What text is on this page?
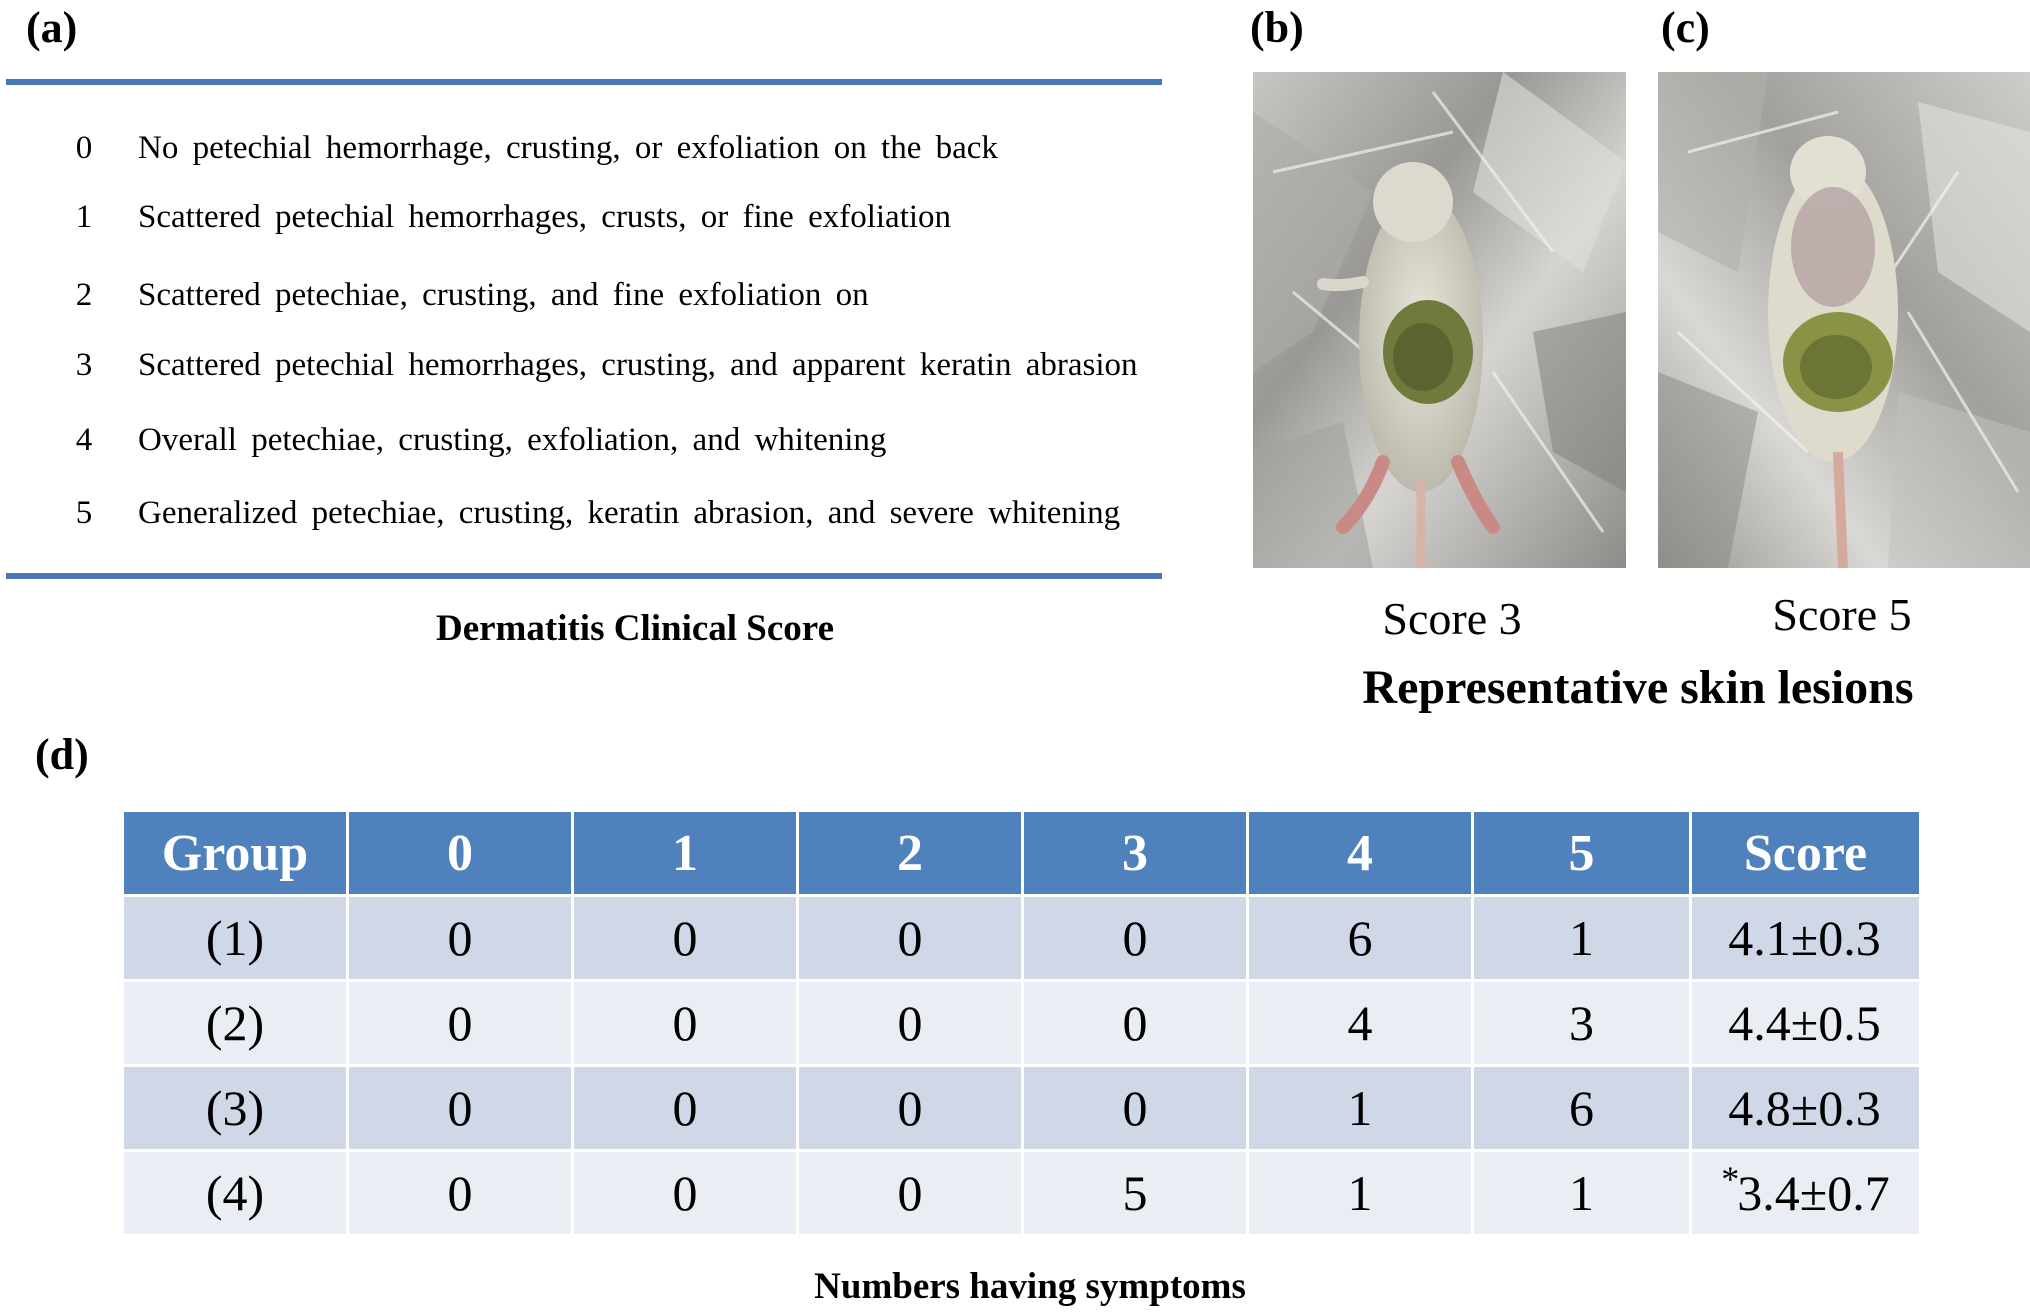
(a)
0 No petechial hemorrhage, crusting, or exfoliation on the back
1 Scattered petechial hemorrhages, crusts, or fine exfoliation
2 Scattered petechiae, crusting, and fine exfoliation on
3 Scattered petechial hemorrhages, crusting, and apparent keratin abrasion
4 Overall petechiae, crusting, exfoliation, and whitening
5 Generalized petechiae, crusting, keratin abrasion, and severe whitening
Dermatitis Clinical Score
(b)
Score 3
(c)
Score 5
Representative skin lesions
(d)
Group	0	1	2	3	4	5	Score
(1)	0	0	0	0	6	1	4.1±0.3
(2)	0	0	0	0	4	3	4.4±0.5
(3)	0	0	0	0	1	6	4.8±0.3
(4)	0	0	0	5	1	1	*3.4±0.7
Numbers having symptoms
